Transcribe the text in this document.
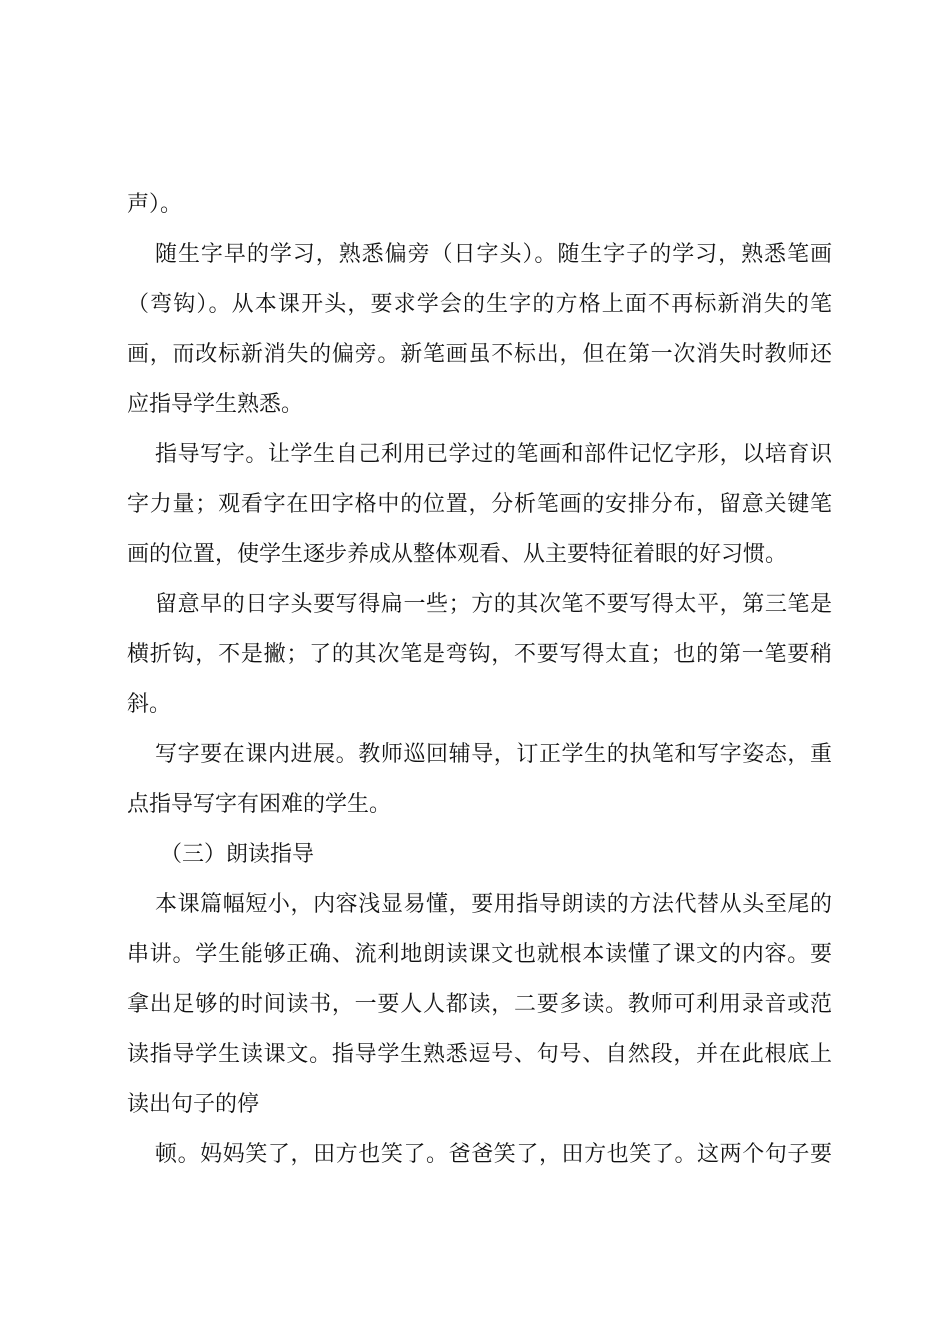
声）。

随生字早的学习，熟悉偏旁（日字头）。随生字子的学习，熟悉笔画

（弯钩）。从本课开头，要求学会的生字的方格上面不再标新消失的笔

画，而改标新消失的偏旁。新笔画虽不标出，但在第一次消失时教师还

应指导学生熟悉。

指导写字。让学生自己利用已学过的笔画和部件记忆字形，以培育识

字力量；观看字在田字格中的位置，分析笔画的安排分布，留意关键笔

画的位置，使学生逐步养成从整体观看、从主要特征着眼的好习惯。

留意早的日字头要写得扁一些；方的其次笔不要写得太平，第三笔是

横折钩，不是撇；了的其次笔是弯钩，不要写得太直；也的第一笔要稍

斜。

写字要在课内进展。教师巡回辅导，订正学生的执笔和写字姿态，重

点指导写字有困难的学生。

（三）朗读指导

本课篇幅短小，内容浅显易懂，要用指导朗读的方法代替从头至尾的

串讲。学生能够正确、流利地朗读课文也就根本读懂了课文的内容。要

拿出足够的时间读书，一要人人都读，二要多读。教师可利用录音或范

读指导学生读课文。指导学生熟悉逗号、句号、自然段，并在此根底上

读出句子的停

顿。妈妈笑了，田方也笑了。爸爸笑了，田方也笑了。这两个句子要
